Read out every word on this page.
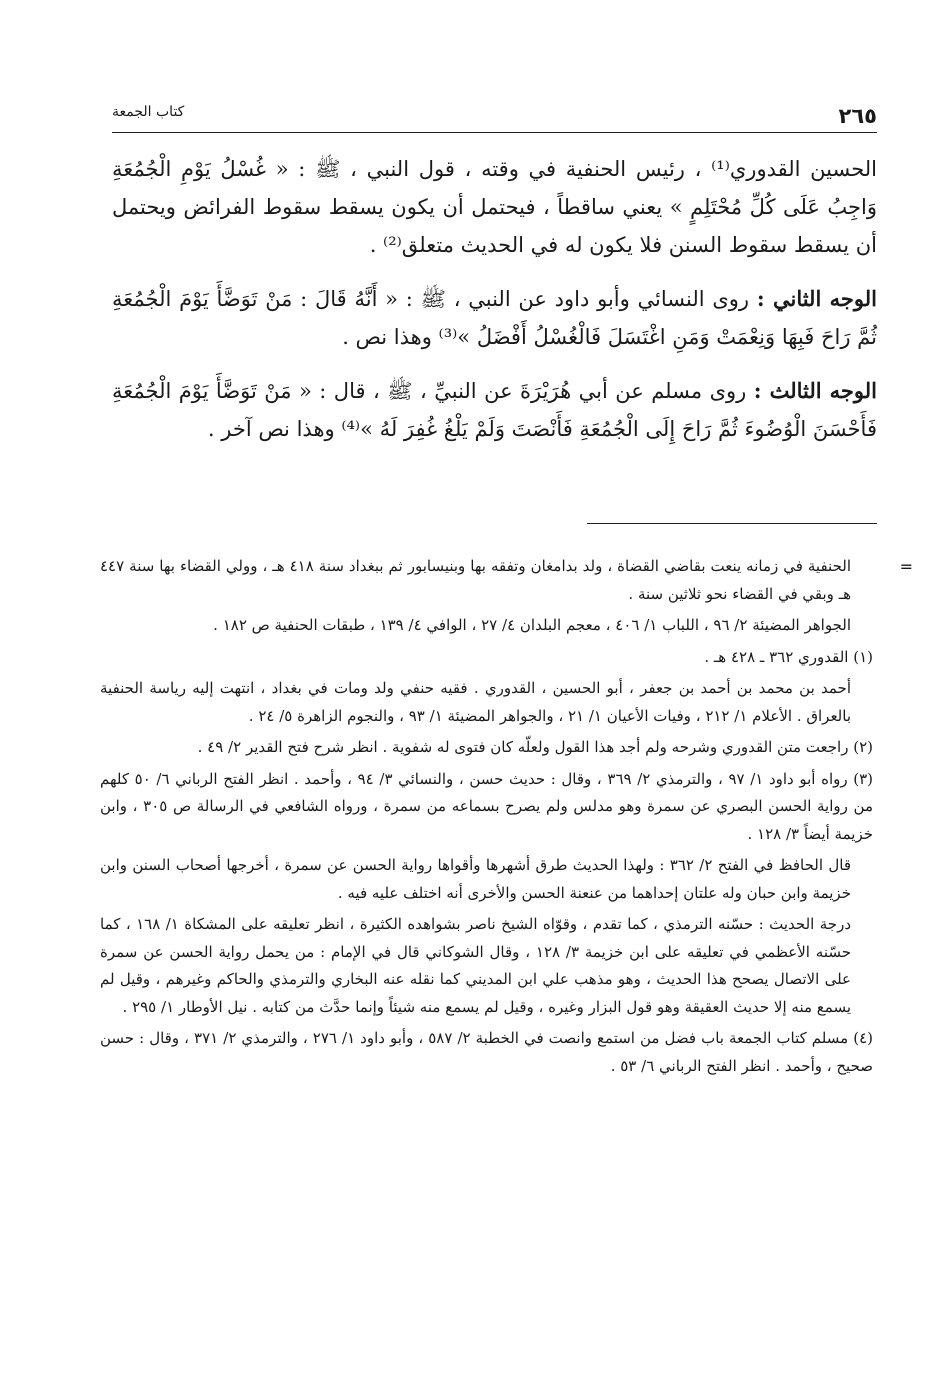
٢٦٥
كتاب الجمعة

الحسين القدوري⁽¹⁾ ، رئيس الحنفية في وقته ، قول النبي ، ﷺ : « غُسْلُ يَوْمِ الْجُمُعَةِ وَاجِبُ عَلَى كُلِّ مُحْتَلِمٍ » يعني ساقطاً ، فيحتمل أن يكون يسقط سقوط الفرائض ويحتمل أن يسقط سقوط السنن فلا يكون له في الحديث متعلق⁽²⁾ .

الوجه الثاني : روى النسائي وأبو داود عن النبي ، ﷺ : « أَنَّهُ قَالَ : مَنْ تَوَضَّأَ يَوْمَ الْجُمُعَةِ ثُمَّ رَاحَ فَبِهَا وَنِعْمَتْ وَمَنِ اغْتَسَلَ فَالْغُسْلُ أَفْضَلُ »⁽³⁾ وهذا نص .

الوجه الثالث : روى مسلم عن أبي هُرَيْرَةَ عن النبيِّ ، ﷺ ، قال : « مَنْ تَوَضَّأَ يَوْمَ الْجُمُعَةِ فَأَحْسَنَ الْوُضُوءَ ثُمَّ رَاحَ إِلَى الْجُمُعَةِ فَأَنْصَتَ وَلَمْ يَلْغُ غُفِرَ لَهُ »⁽⁴⁾ وهذا نص آخر .

=
الحنفية في زمانه ينعت بقاضي القضاة ، ولد بدامغان وتفقه بها وبنيسابور ثم ببغداد سنة ٤١٨ هـ ، وولي القضاء بها سنة ٤٤٧ هـ وبقي في القضاء نحو ثلاثين سنة .

الجواهر المضيئة ٢/ ٩٦ ، اللباب ١/ ٤٠٦ ، معجم البلدان ٤/ ٢٧ ، الوافي ٤/ ١٣٩ ، طبقات الحنفية ص ١٨٢ .

(١) القدوري ٣٦٢ ـ ٤٢٨ هـ .

أحمد بن محمد بن أحمد بن جعفر ، أبو الحسين ، القدوري . فقيه حنفي ولد ومات في بغداد ، انتهت إليه رياسة الحنفية بالعراق . الأعلام ١/ ٢١٢ ، وفيات الأعيان ١/ ٢١ ، والجواهر المضيئة ١/ ٩٣ ، والنجوم الزاهرة ٥/ ٢٤ .

(٢) راجعت متن القدوري وشرحه ولم أجد هذا القول ولعلّه كان فتوى له شفوية . انظر شرح فتح القدير ٢/ ٤٩ .

(٣) رواه أبو داود ١/ ٩٧ ، والترمذي ٢/ ٣٦٩ ، وقال : حديث حسن ، والنسائي ٣/ ٩٤ ، وأحمد . انظر الفتح الرباني ٦/ ٥٠ كلهم من رواية الحسن البصري عن سمرة وهو مدلس ولم يصرح بسماعه من سمرة ، ورواه الشافعي في الرسالة ص ٣٠٥ ، وابن خزيمة أيضاً ٣/ ١٢٨ .

قال الحافظ في الفتح ٢/ ٣٦٢ : ولهذا الحديث طرق أشهرها وأقواها رواية الحسن عن سمرة ، أخرجها أصحاب السنن وابن خزيمة وابن حبان وله علتان إحداهما من عنعنة الحسن والأخرى أنه اختلف عليه فيه .

درجة الحديث : حسّنه الترمذي ، كما تقدم ، وقوّاه الشيخ ناصر بشواهده الكثيرة ، انظر تعليقه على المشكاة ١/ ١٦٨ ، كما حسّنه الأعظمي في تعليقه على ابن خزيمة ٣/ ١٢٨ ، وقال الشوكاني قال في الإمام : من يحمل رواية الحسن عن سمرة على الاتصال يصحح هذا الحديث ، وهو مذهب علي ابن المديني كما نقله عنه البخاري والترمذي والحاكم وغيرهم ، وقيل لم يسمع منه إلا حديث العقيقة وهو قول البزار وغيره ، وقيل لم يسمع منه شيئاً وإنما حدَّث من كتابه . نيل الأوطار ١/ ٢٩٥ .

(٤) مسلم كتاب الجمعة باب فضل من استمع وانصت في الخطبة ٢/ ٥٨٧ ، وأبو داود ١/ ٢٧٦ ، والترمذي ٢/ ٣٧١ ، وقال : حسن صحيح ، وأحمد . انظر الفتح الرباني ٦/ ٥٣ .
